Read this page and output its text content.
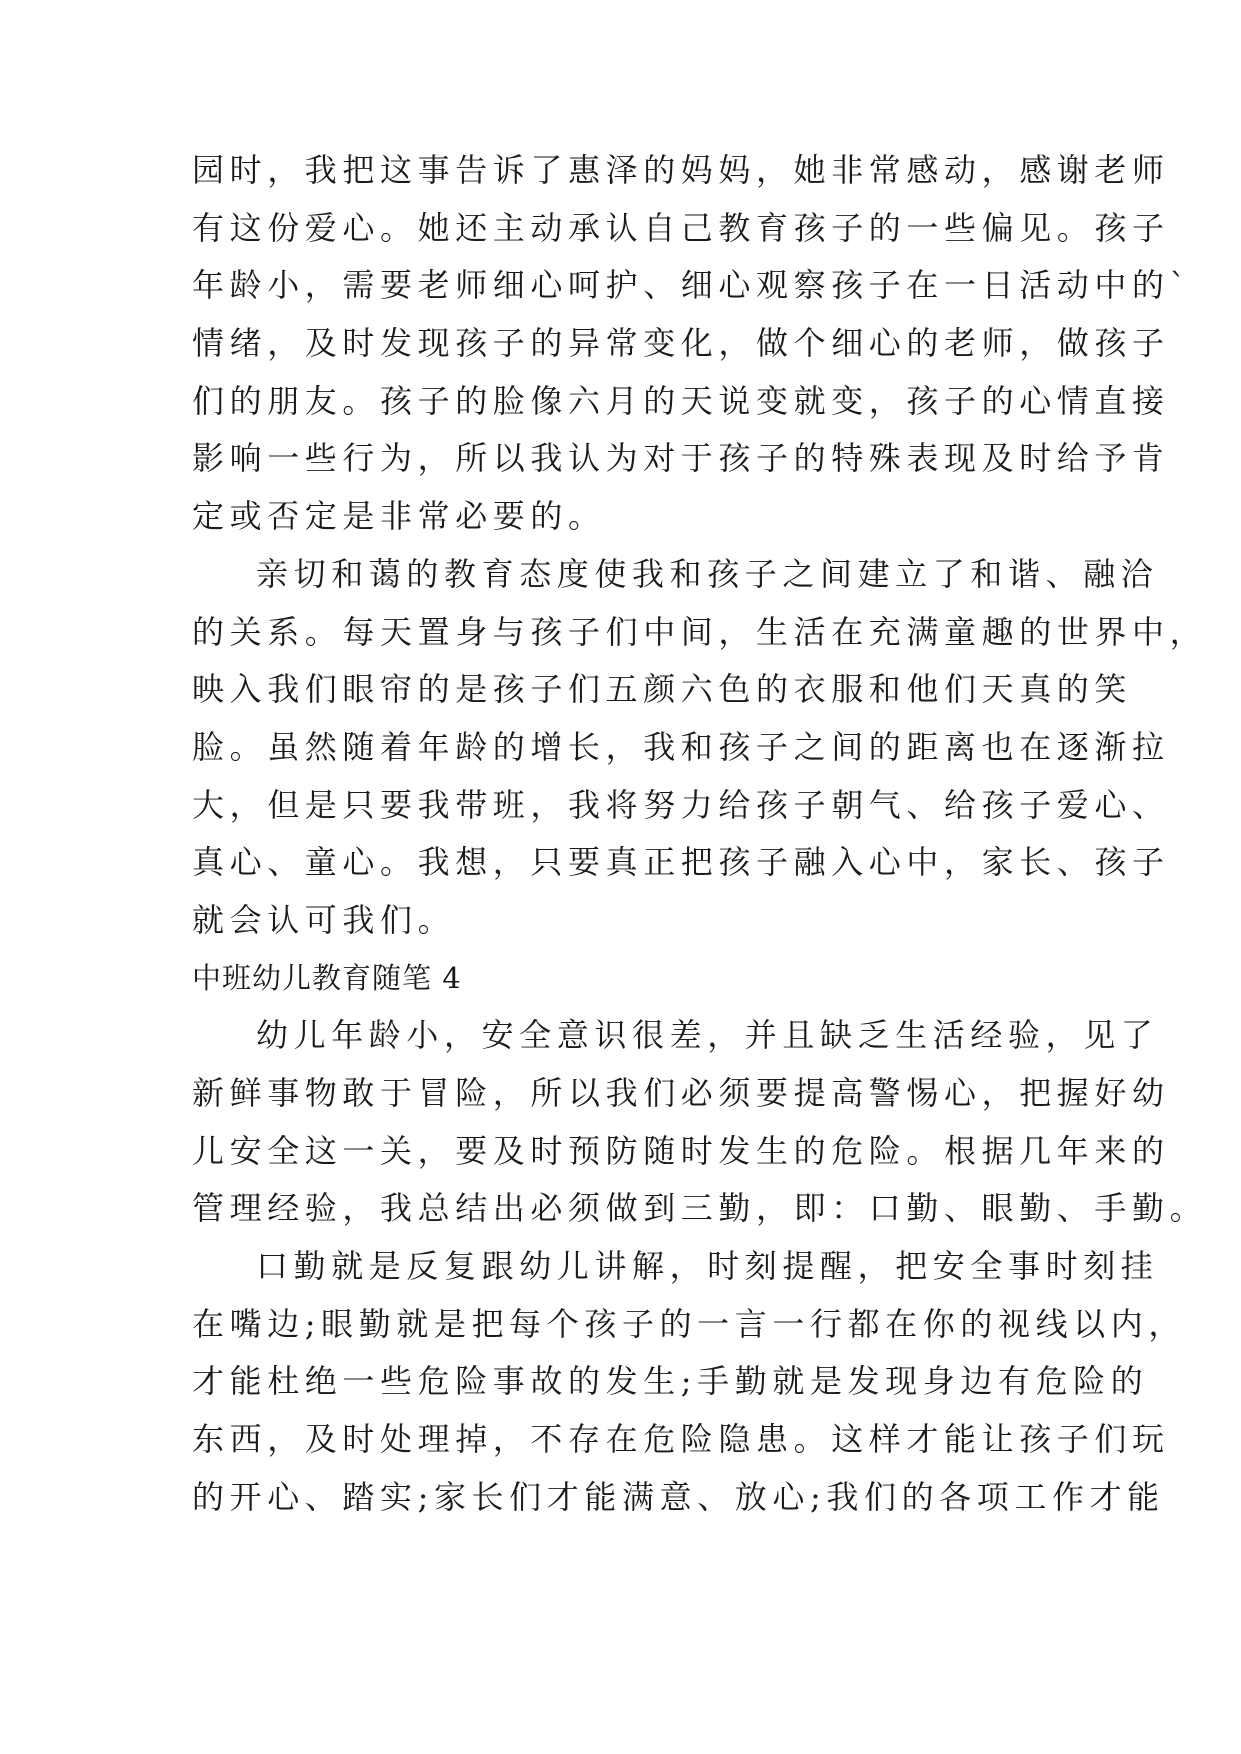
园时，我把这事告诉了惠泽的妈妈，她非常感动，感谢老师
有这份爱心。她还主动承认自己教育孩子的一些偏见。孩子
年龄小，需要老师细心呵护、细心观察孩子在一日活动中的`
情绪，及时发现孩子的异常变化，做个细心的老师，做孩子
们的朋友。孩子的脸像六月的天说变就变，孩子的心情直接
影响一些行为，所以我认为对于孩子的特殊表现及时给予肯
定或否定是非常必要的。
亲切和蔼的教育态度使我和孩子之间建立了和谐、融洽
的关系。每天置身与孩子们中间，生活在充满童趣的世界中，
映入我们眼帘的是孩子们五颜六色的衣服和他们天真的笑
脸。虽然随着年龄的增长，我和孩子之间的距离也在逐渐拉
大，但是只要我带班，我将努力给孩子朝气、给孩子爱心、
真心、童心。我想，只要真正把孩子融入心中，家长、孩子
就会认可我们。
中班幼儿教育随笔 4
幼儿年龄小，安全意识很差，并且缺乏生活经验，见了
新鲜事物敢于冒险，所以我们必须要提高警惕心，把握好幼
儿安全这一关，要及时预防随时发生的危险。根据几年来的
管理经验，我总结出必须做到三勤，即：口勤、眼勤、手勤。
口勤就是反复跟幼儿讲解，时刻提醒，把安全事时刻挂
在嘴边;眼勤就是把每个孩子的一言一行都在你的视线以内，
才能杜绝一些危险事故的发生;手勤就是发现身边有危险的
东西，及时处理掉，不存在危险隐患。这样才能让孩子们玩
的开心、踏实;家长们才能满意、放心;我们的各项工作才能
